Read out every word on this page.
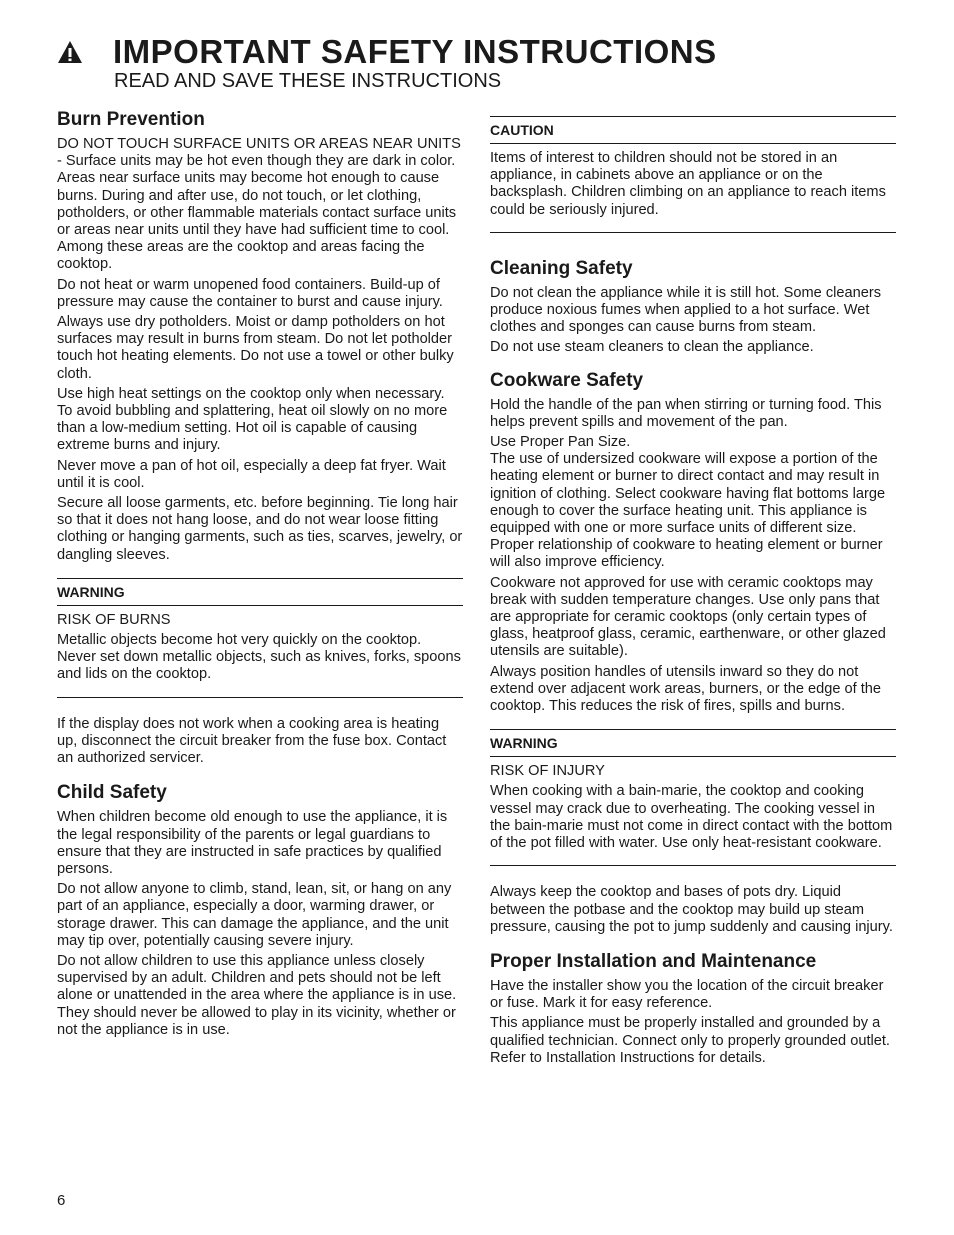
IMPORTANT SAFETY INSTRUCTIONS
READ AND SAVE THESE INSTRUCTIONS
Burn Prevention

DO NOT TOUCH SURFACE UNITS OR AREAS NEAR UNITS - Surface units may be hot even though they are dark in color. Areas near surface units may become hot enough to cause burns. During and after use, do not touch, or let clothing, potholders, or other flammable materials contact surface units or areas near units until they have had sufficient time to cool. Among these areas are the cooktop and areas facing the cooktop.

Do not heat or warm unopened food containers. Build-up of pressure may cause the container to burst and cause injury.

Always use dry potholders. Moist or damp potholders on hot surfaces may result in burns from steam. Do not let potholder touch hot heating elements. Do not use a towel or other bulky cloth.

Use high heat settings on the cooktop only when necessary. To avoid bubbling and splattering, heat oil slowly on no more than a low-medium setting. Hot oil is capable of causing extreme burns and injury.

Never move a pan of hot oil, especially a deep fat fryer. Wait until it is cool.

Secure all loose garments, etc. before beginning. Tie long hair so that it does not hang loose, and do not wear loose fitting clothing or hanging garments, such as ties, scarves, jewelry, or dangling sleeves.

WARNING

RISK OF BURNS

Metallic objects become hot very quickly on the cooktop. Never set down metallic objects, such as knives, forks, spoons and lids on the cooktop.

If the display does not work when a cooking area is heating up, disconnect the circuit breaker from the fuse box. Contact an authorized servicer.

Child Safety

When children become old enough to use the appliance, it is the legal responsibility of the parents or legal guardians to ensure that they are instructed in safe practices by qualified persons.

Do not allow anyone to climb, stand, lean, sit, or hang on any part of an appliance, especially a door, warming drawer, or storage drawer. This can damage the appliance, and the unit may tip over, potentially causing severe injury.

Do not allow children to use this appliance unless closely supervised by an adult. Children and pets should not be left alone or unattended in the area where the appliance is in use. They should never be allowed to play in its vicinity, whether or not the appliance is in use.

CAUTION

Items of interest to children should not be stored in an appliance, in cabinets above an appliance or on the backsplash. Children climbing on an appliance to reach items could be seriously injured.

Cleaning Safety

Do not clean the appliance while it is still hot. Some cleaners produce noxious fumes when applied to a hot surface. Wet clothes and sponges can cause burns from steam.

Do not use steam cleaners to clean the appliance.

Cookware Safety

Hold the handle of the pan when stirring or turning food. This helps prevent spills and movement of the pan.

Use Proper Pan Size.

The use of undersized cookware will expose a portion of the heating element or burner to direct contact and may result in ignition of clothing. Select cookware having flat bottoms large enough to cover the surface heating unit. This appliance is equipped with one or more surface units of different size. Proper relationship of cookware to heating element or burner will also improve efficiency.

Cookware not approved for use with ceramic cooktops may break with sudden temperature changes. Use only pans that are appropriate for ceramic cooktops (only certain types of glass, heatproof glass, ceramic, earthenware, or other glazed utensils are suitable).

Always position handles of utensils inward so they do not extend over adjacent work areas, burners, or the edge of the cooktop. This reduces the risk of fires, spills and burns.

WARNING

RISK OF INJURY

When cooking with a bain-marie, the cooktop and cooking vessel may crack due to overheating. The cooking vessel in the bain-marie must not come in direct contact with the bottom of the pot filled with water. Use only heat-resistant cookware.

Always keep the cooktop and bases of pots dry. Liquid between the potbase and the cooktop may build up steam pressure, causing the pot to jump suddenly and causing injury.

Proper Installation and Maintenance

Have the installer show you the location of the circuit breaker or fuse. Mark it for easy reference.

This appliance must be properly installed and grounded by a qualified technician. Connect only to properly grounded outlet. Refer to Installation Instructions for details.

6
